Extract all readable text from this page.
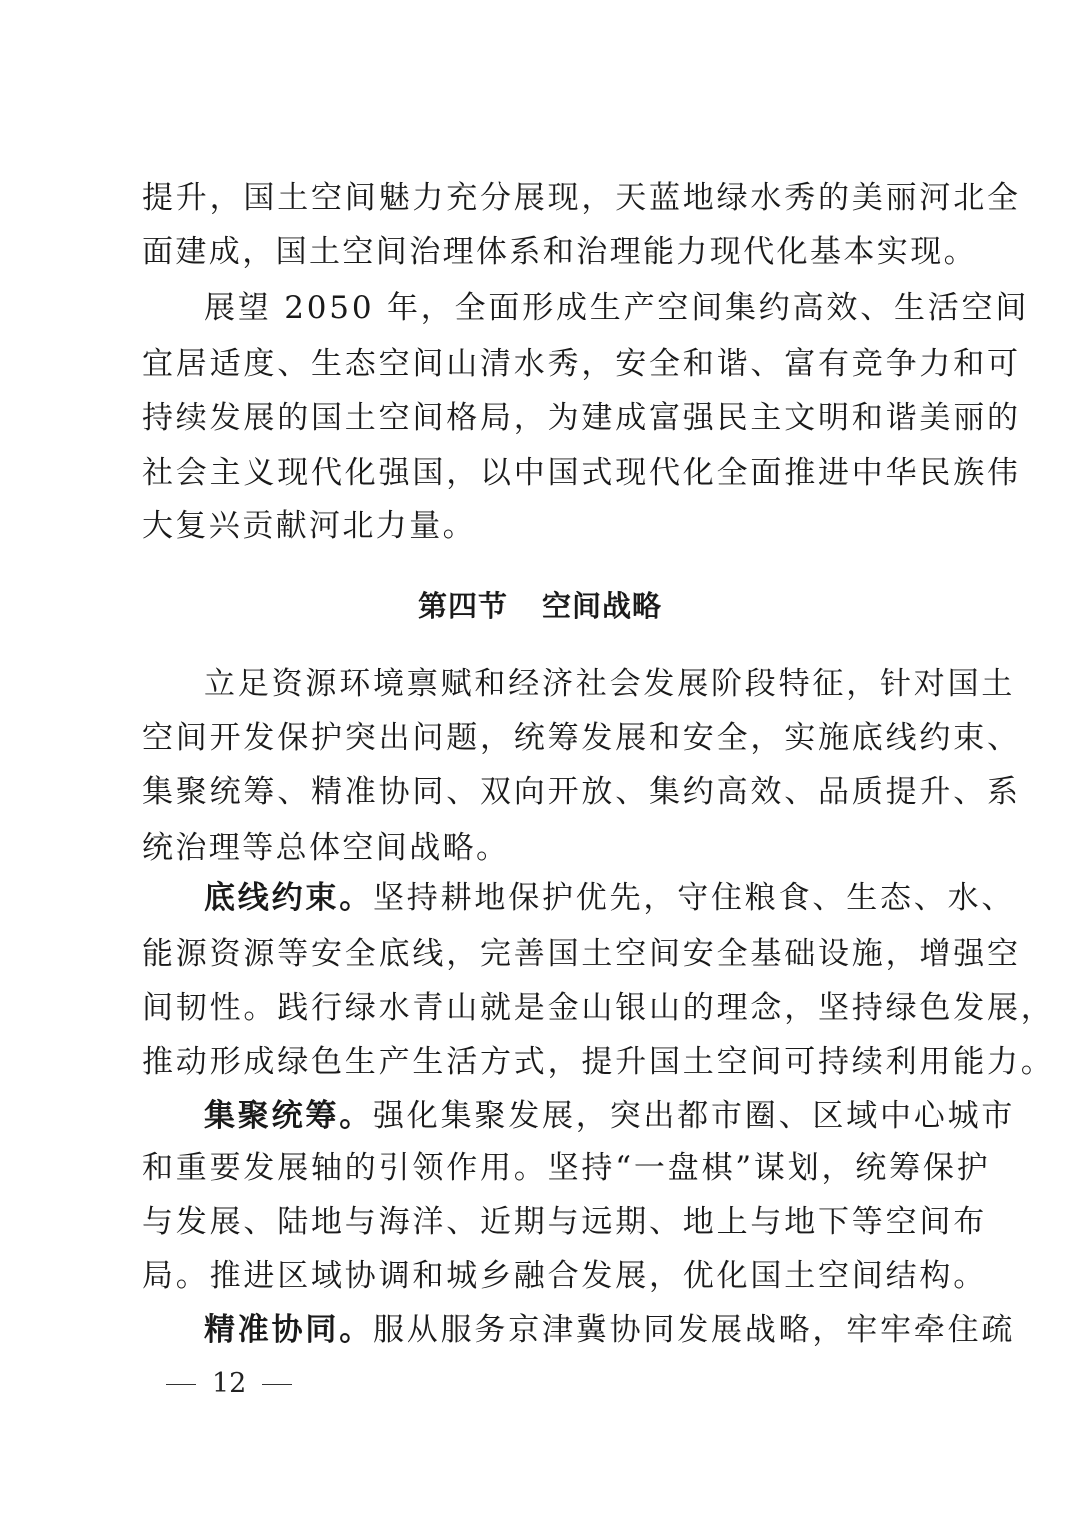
提升，国土空间魅力充分展现，天蓝地绿水秀的美丽河北全
面建成，国土空间治理体系和治理能力现代化基本实现。
展望 2050 年，全面形成生产空间集约高效、生活空间
宜居适度、生态空间山清水秀，安全和谐、富有竞争力和可
持续发展的国土空间格局，为建成富强民主文明和谐美丽的
社会主义现代化强国，以中国式现代化全面推进中华民族伟
大复兴贡献河北力量。
第四节 空间战略
立足资源环境禀赋和经济社会发展阶段特征，针对国土
空间开发保护突出问题，统筹发展和安全，实施底线约束、
集聚统筹、精准协同、双向开放、集约高效、品质提升、系
统治理等总体空间战略。
底线约束。坚持耕地保护优先，守住粮食、生态、水、
能源资源等安全底线，完善国土空间安全基础设施，增强空
间韧性。践行绿水青山就是金山银山的理念，坚持绿色发展，
推动形成绿色生产生活方式，提升国土空间可持续利用能力。
集聚统筹。强化集聚发展，突出都市圈、区域中心城市
和重要发展轴的引领作用。坚持“一盘棋”谋划，统筹保护
与发展、陆地与海洋、近期与远期、地上与地下等空间布
局。推进区域协调和城乡融合发展，优化国土空间结构。
精准协同。服从服务京津冀协同发展战略，牢牢牵住疏
12
